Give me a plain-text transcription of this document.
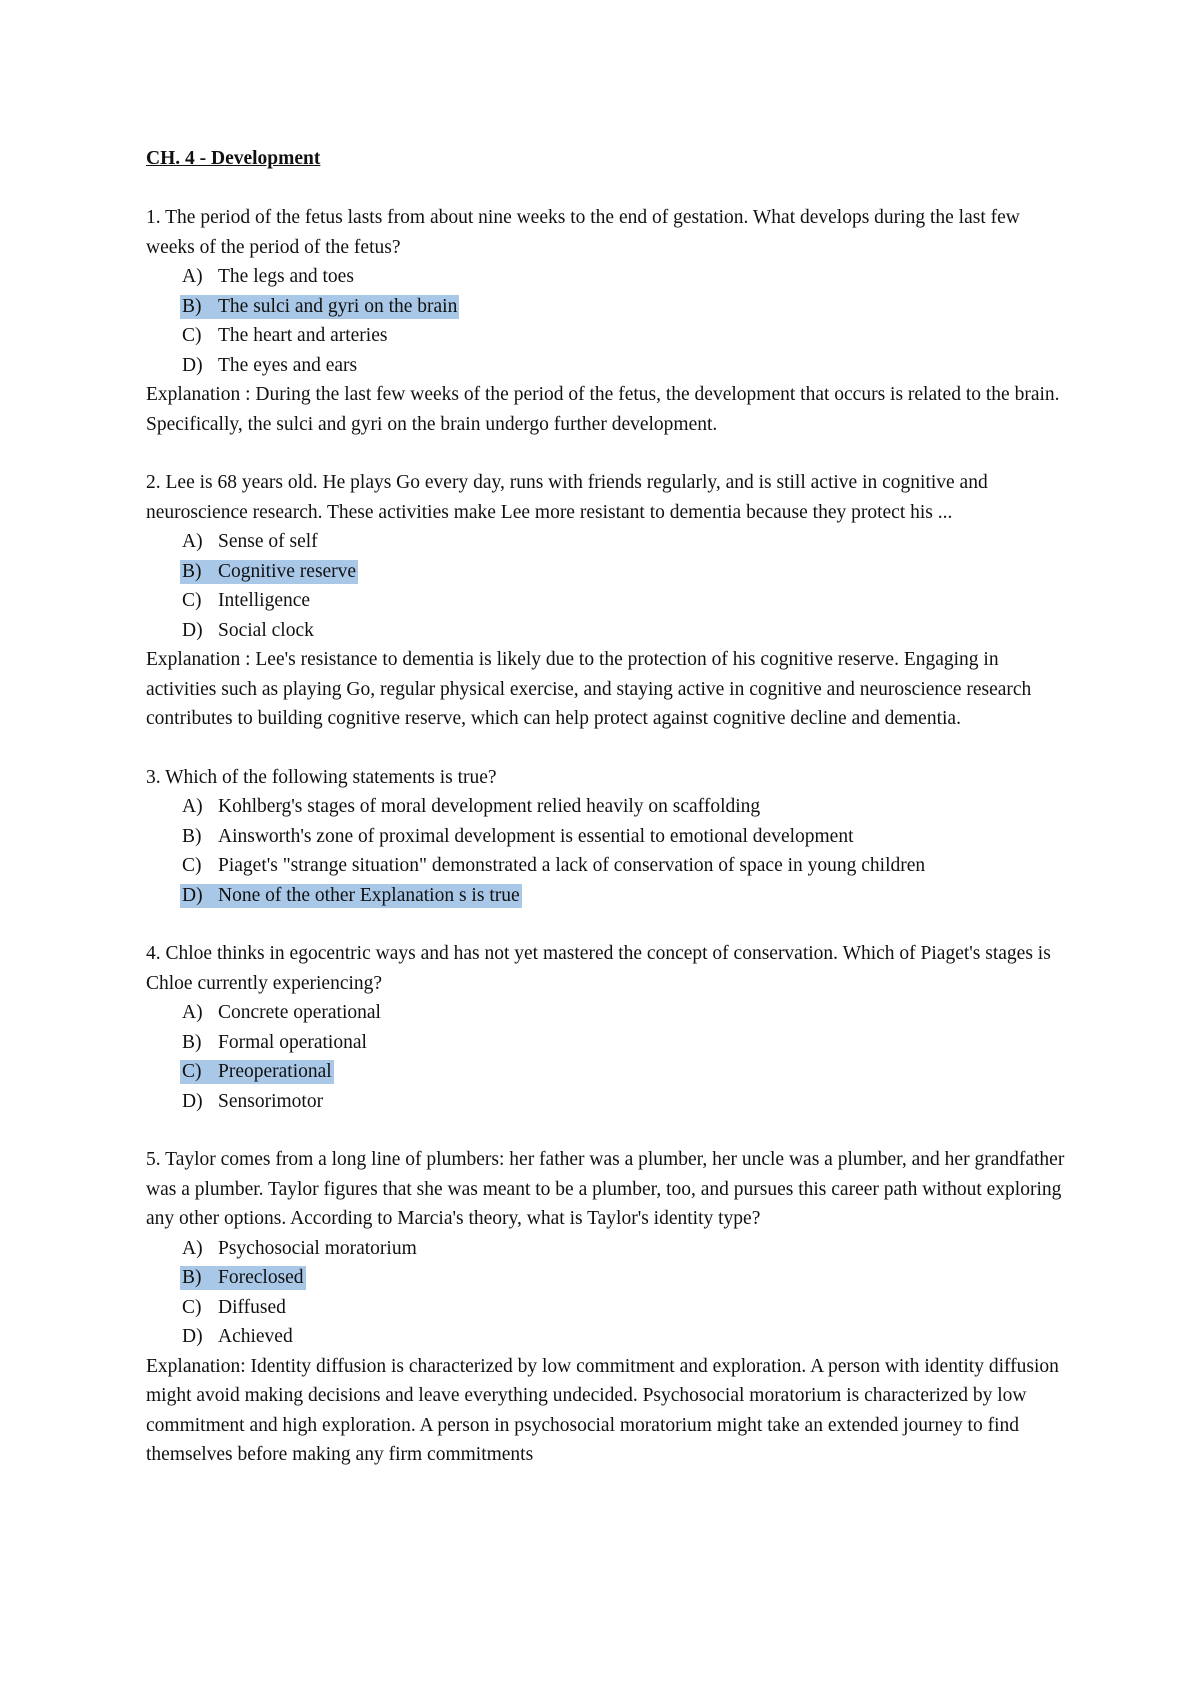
CH. 4 - Development

1. The period of the fetus lasts from about nine weeks to the end of gestation. What develops during the last few weeks of the period of the fetus?

A) The legs and toes
B) The sulci and gyri on the brain
C) The heart and arteries
D) The eyes and ears

Explanation : During the last few weeks of the period of the fetus, the development that occurs is related to the brain. Specifically, the sulci and gyri on the brain undergo further development.

2. Lee is 68 years old. He plays Go every day, runs with friends regularly, and is still active in cognitive and neuroscience research. These activities make Lee more resistant to dementia because they protect his ...

A) Sense of self
B) Cognitive reserve
C) Intelligence
D) Social clock

Explanation : Lee's resistance to dementia is likely due to the protection of his cognitive reserve. Engaging in activities such as playing Go, regular physical exercise, and staying active in cognitive and neuroscience research contributes to building cognitive reserve, which can help protect against cognitive decline and dementia.

3. Which of the following statements is true?

A) Kohlberg's stages of moral development relied heavily on scaffolding
B) Ainsworth's zone of proximal development is essential to emotional development
C) Piaget's "strange situation" demonstrated a lack of conservation of space in young children
D) None of the other Explanation s is true

4. Chloe thinks in egocentric ways and has not yet mastered the concept of conservation. Which of Piaget's stages is Chloe currently experiencing?

A) Concrete operational
B) Formal operational
C) Preoperational
D) Sensorimotor

5. Taylor comes from a long line of plumbers: her father was a plumber, her uncle was a plumber, and her grandfather was a plumber. Taylor figures that she was meant to be a plumber, too, and pursues this career path without exploring any other options. According to Marcia's theory, what is Taylor's identity type?

A) Psychosocial moratorium
B) Foreclosed
C) Diffused
D) Achieved

Explanation: Identity diffusion is characterized by low commitment and exploration. A person with identity diffusion might avoid making decisions and leave everything undecided. Psychosocial moratorium is characterized by low commitment and high exploration. A person in psychosocial moratorium might take an extended journey to find themselves before making any firm commitments
